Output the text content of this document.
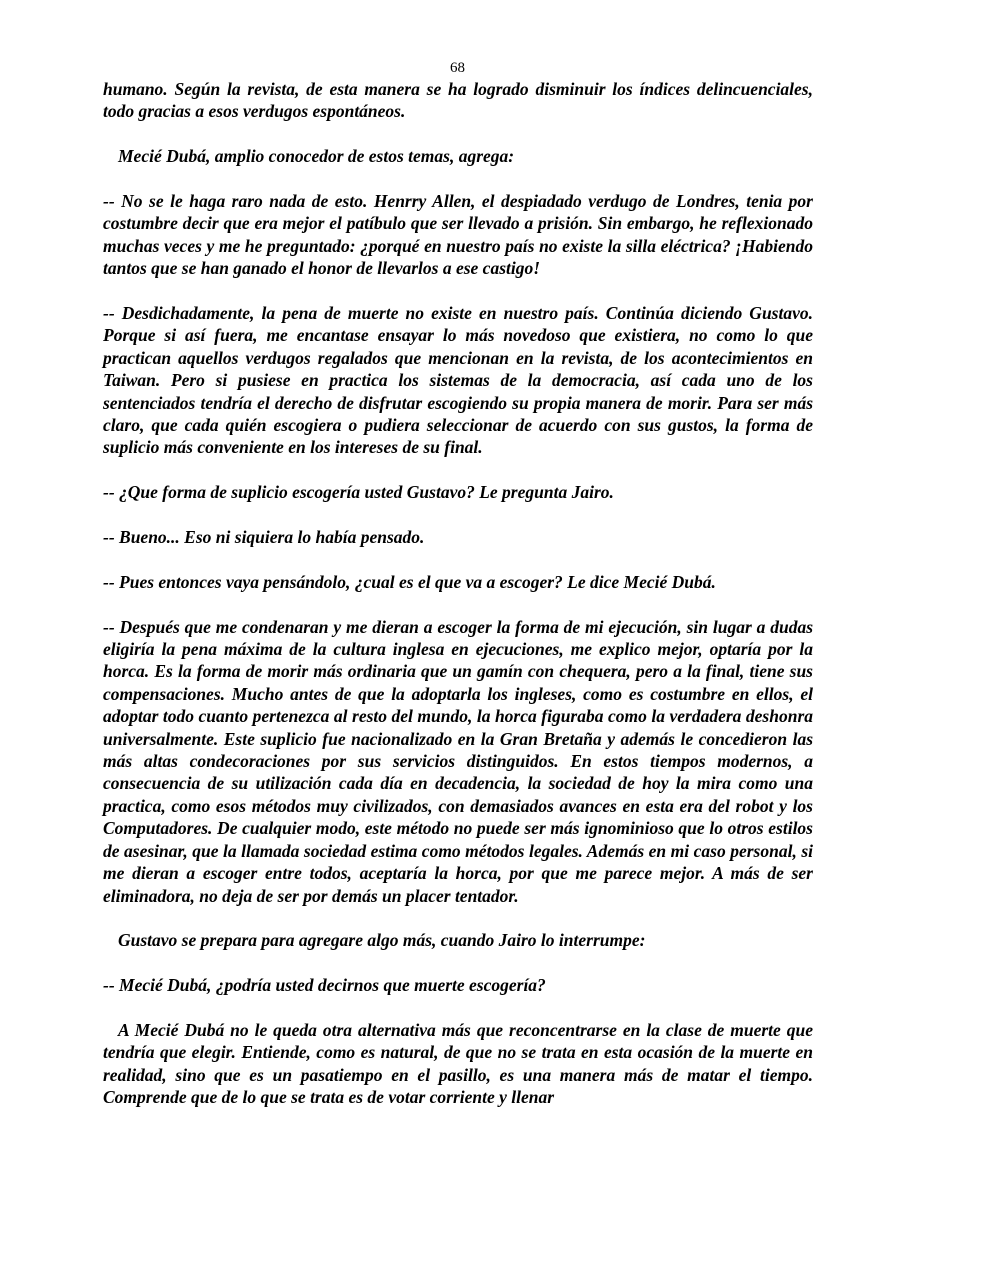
68

humano. Según la revista, de esta manera se ha logrado disminuir los índices delincuenciales, todo gracias a esos verdugos espontáneos.

Mecié Dubá, amplio conocedor de estos temas, agrega:

-- No se le haga raro nada de esto. Henrry Allen, el despiadado verdugo de Londres, tenia por costumbre decir que era mejor el patíbulo que ser llevado a prisión. Sin embargo, he reflexionado muchas veces y me he preguntado: ¿porqué en nuestro país no existe la silla eléctrica? ¡Habiendo tantos que se han ganado el honor de llevarlos a ese castigo!

-- Desdichadamente, la pena de muerte no existe en nuestro país. Continúa diciendo Gustavo. Porque si así fuera, me encantase ensayar lo más novedoso que existiera, no como lo que practican aquellos verdugos regalados que mencionan en la revista, de los acontecimientos en Taiwan. Pero si pusiese en practica los sistemas de la democracia, así cada uno de los sentenciados tendría el derecho de disfrutar escogiendo su propia manera de morir. Para ser más claro, que cada quién escogiera o pudiera seleccionar de acuerdo con sus gustos, la forma de suplicio más conveniente en los intereses de su final.

-- ¿Que forma de suplicio escogería usted Gustavo? Le pregunta Jairo.

-- Bueno... Eso ni siquiera lo había pensado.

-- Pues entonces vaya pensándolo, ¿cual es el que va a escoger? Le dice Mecié Dubá.

-- Después que me condenaran y me dieran a escoger la forma de mi ejecución, sin lugar a dudas eligiría la pena máxima de la cultura inglesa en ejecuciones, me explico mejor, optaría por la horca. Es la forma de morir más ordinaria que un gamín con chequera, pero a la final, tiene sus compensaciones. Mucho antes de que la adoptarla los ingleses, como es costumbre en ellos, el adoptar todo cuanto pertenezca al resto del mundo, la horca figuraba como la verdadera deshonra universalmente. Este suplicio fue nacionalizado en la Gran Bretaña y además le concedieron las más altas condecoraciones por sus servicios distinguidos. En estos tiempos modernos, a consecuencia de su utilización cada día en decadencia, la sociedad de hoy la mira como una practica, como esos métodos muy civilizados, con demasiados avances en esta era del robot y los Computadores. De cualquier modo, este método no puede ser más ignominioso que lo otros estilos de asesinar, que la llamada sociedad estima como métodos legales. Además en mi caso personal, si me dieran a escoger entre todos, aceptaría la horca, por que me parece mejor. A más de ser eliminadora, no deja de ser por demás un placer tentador.

Gustavo se prepara para agregare algo más, cuando Jairo lo interrumpe:

-- Mecié Dubá, ¿podría usted decirnos que muerte escogería?

A Mecié Dubá no le queda otra alternativa más que reconcentrarse en la clase de muerte que tendría que elegir. Entiende, como es natural, de que no se trata en esta ocasión de la muerte en realidad, sino que es un pasatiempo en el pasillo, es una manera más de matar el tiempo. Comprende que de lo que se trata es de votar corriente y llenar
